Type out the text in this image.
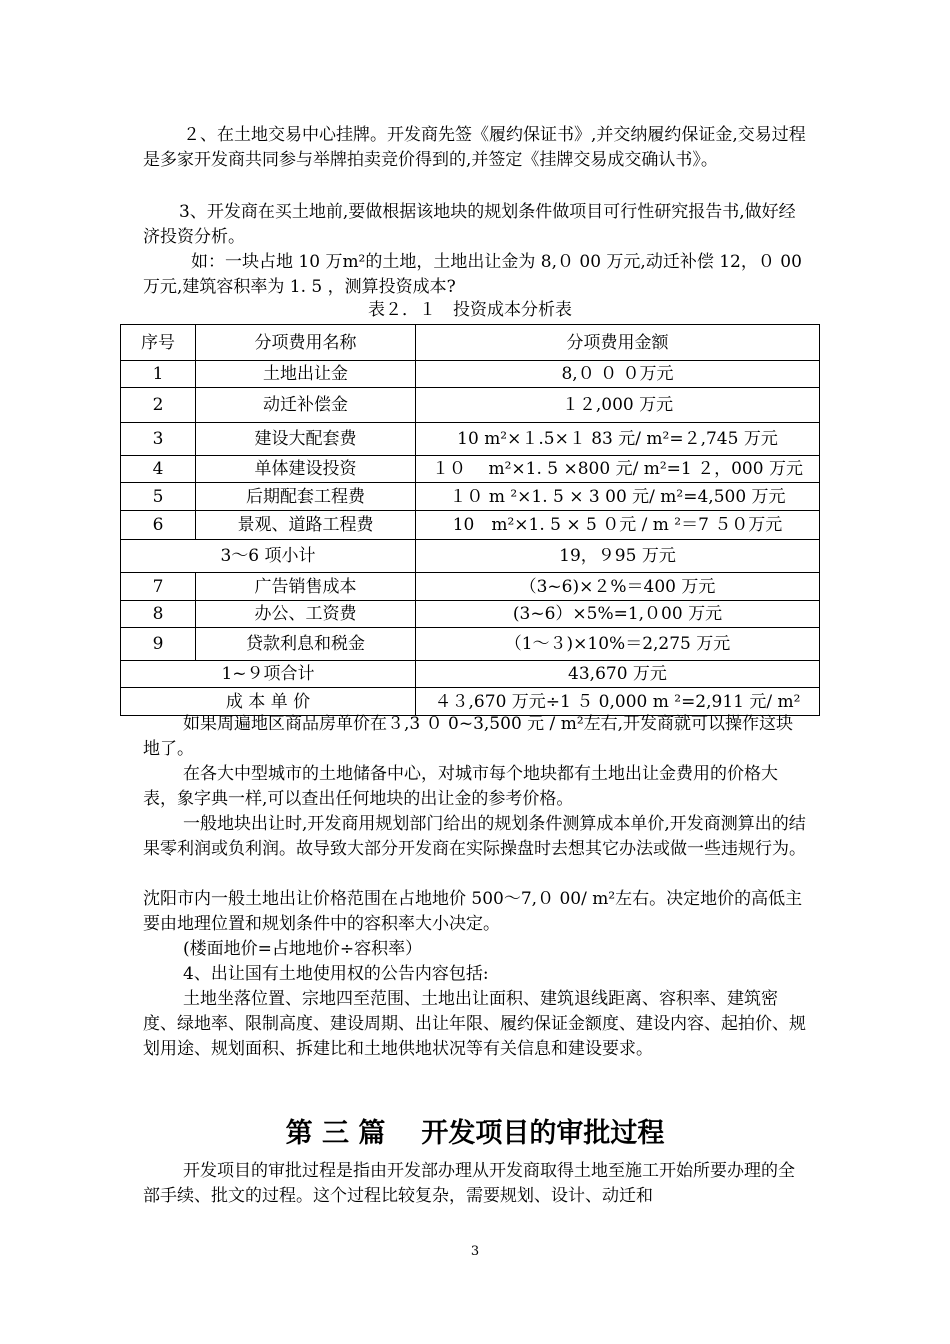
２、在土地交易中心挂牌。开发商先签《履约保证书》,并交纳履约保证金,交易过程是多家开发商共同参与举牌拍卖竞价得到的,并签定《挂牌交易成交确认书》。

3、开发商在买土地前,要做根据该地块的规划条件做项目可行性研究报告书,做好经济投资分析。

如：一块占地 10 万m²的土地，土地出让金为 8,０ 00 万元,动迁补偿 12，０ 00 万元,建筑容积率为 1. 5 ，测算投资成本?

表２．１　投资成本分析表
序号	分项费用名称	分项费用金额
1	土地出让金	8,０ ０ ０万元
2	动迁补偿金	１２,000 万元
3	建设大配套费	10 m²×１.5×１ 83 元/ m²=２,745 万元
4	单体建设投资	１０　 m²×1. 5 ×800 元/ m²=1 ２，000 万元
5	后期配套工程费	１０ m ²×1. 5 × 3 00 元/ m²=4,500 万元
6	景观、道路工程费	10　m²×1. 5 × 5 ０元 / m ²＝7 ５０万元
3～6 项小计		19，９95 万元
7	广告销售成本	（3~6)×２%＝400 万元
8	办公、工资费	(3~6）×5%=1,０00 万元
9	贷款利息和税金	（1～３)×10%＝2,275 万元
1~９项合计		43,670 万元
成 本 单 价		４３,670 万元÷1 ５ 0,000 m ²=2,911 元/ m²

如果周遍地区商品房单价在３,3 ０ 0~3,500 元 / m²左右,开发商就可以操作这块地了。

在各大中型城市的土地储备中心，对城市每个地块都有土地出让金费用的价格大表，象字典一样,可以查出任何地块的出让金的参考价格。

一般地块出让时,开发商用规划部门给出的规划条件测算成本单价,开发商测算出的结果零利润或负利润。故导致大部分开发商在实际操盘时去想其它办法或做一些违规行为。

沈阳市内一般土地出让价格范围在占地地价 500～7,０ 00/ m²左右。决定地价的高低主要由地理位置和规划条件中的容积率大小决定。

(楼面地价=占地地价÷容积率）

4、出让国有土地使用权的公告内容包括:

土地坐落位置、宗地四至范围、土地出让面积、建筑退线距离、容积率、建筑密度、绿地率、限制高度、建设周期、出让年限、履约保证金额度、建设内容、起拍价、规划用途、规划面积、拆建比和土地供地状况等有关信息和建设要求。

第 三 篇 开发项目的审批过程

开发项目的审批过程是指由开发部办理从开发商取得土地至施工开始所要办理的全部手续、批文的过程。这个过程比较复杂，需要规划、设计、动迁和

3
